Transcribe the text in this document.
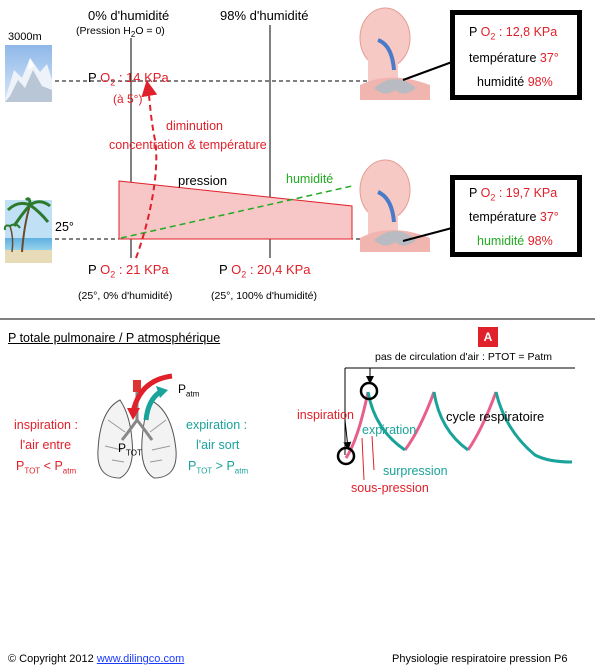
3000m
0% d'humidité
(Pression $H_2O = 0$)
98% d'humidité
P $O_2$ : 14 KPa
(à 5°)
diminution
concentration & température
pression	humidité
25°
P $O_2$ : 21 KPa
(25°, 0% d'humidité)
P $O_2$ : 20,4 KPa
(25°, 100% d'humidité)
P $O_2$ : 12,8 KPa
température 37°
humidité 98%
P $O_2$ : 19,7 KPa
température 37°
humidité 98%
P totale pulmonaire / P atmosphérique	A
pas de circulation d'air : PTOT = Patm
$P_{atm}$
$P_{TOT}$
inspiration :
l'air entre
$P_{TOT} < P_{atm}$
expiration :
l'air sort
$P_{TOT} > P_{atm}$
inspiration
expiration
cycle respiratoire
surpression
sous-pression
© Copyright 2012 www.dilingco.com	Physiologie respiratoire pression P6
